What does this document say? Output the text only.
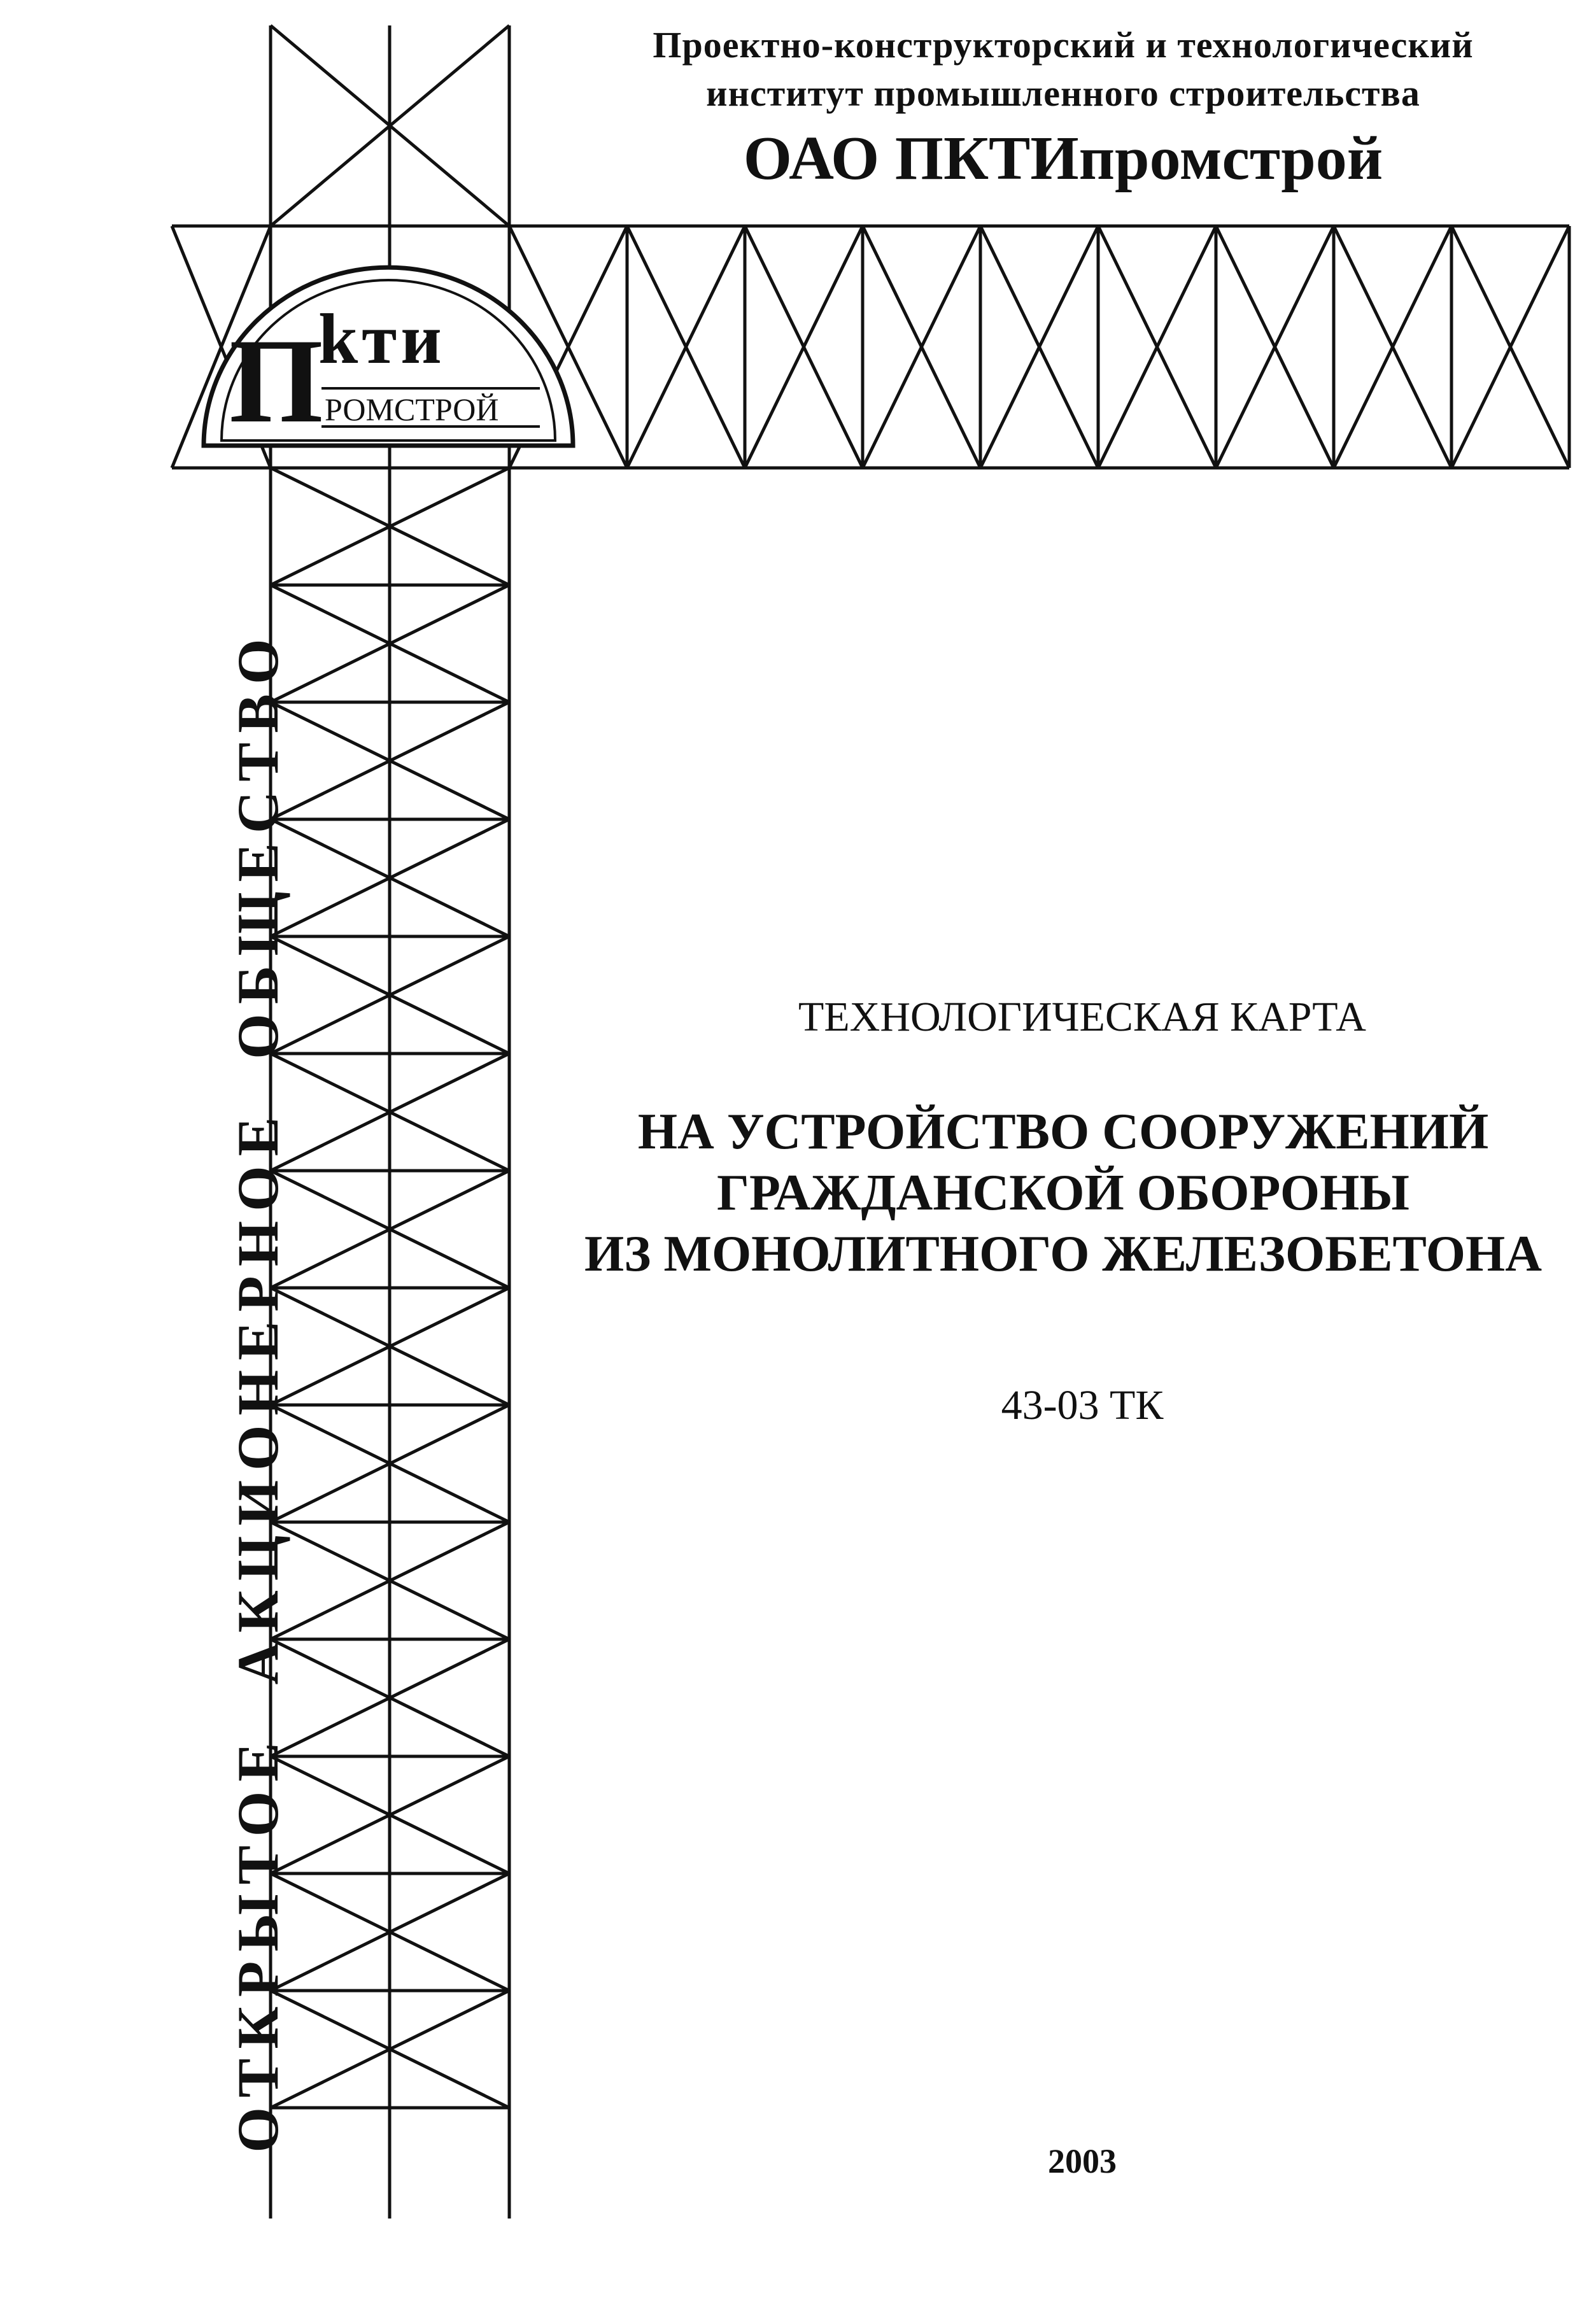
П
kти
РОМСТРОЙ
Проектно-конструкторский и технологический
институт промышленного строительства
ОАО ПКТИпромстрой
ОТКРЫТОЕ  АКЦИОНЕРНОЕ  ОБЩЕСТВО	ТЕХНОЛОГИЧЕСКАЯ КАРТА
НА УСТРОЙСТВО СООРУЖЕНИЙ
ГРАЖДАНСКОЙ ОБОРОНЫ
ИЗ МОНОЛИТНОГО ЖЕЛЕЗОБЕТОНА
43-03 ТК
2003
